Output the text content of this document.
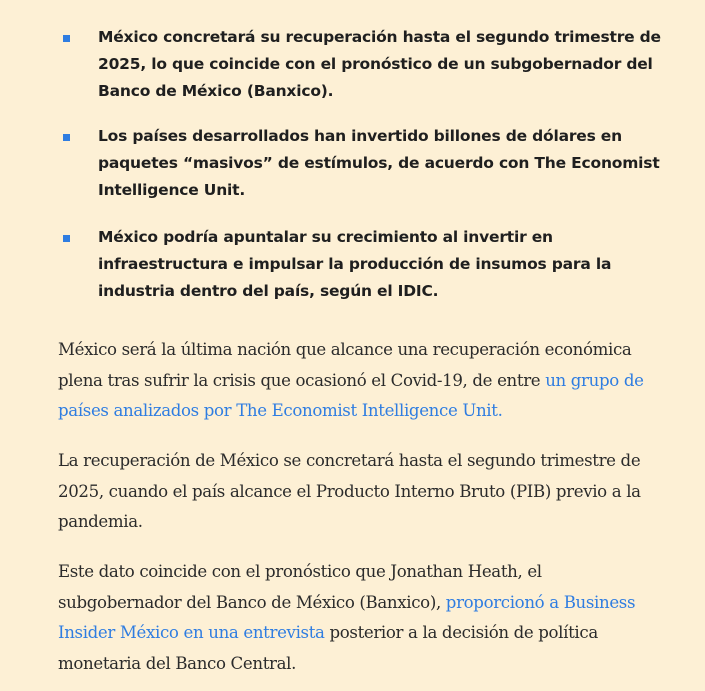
México concretará su recuperación hasta el segundo trimestre de 2025, lo que coincide con el pronóstico de un subgobernador del Banco de México (Banxico).
Los países desarrollados han invertido billones de dólares en paquetes “masivos” de estímulos, de acuerdo con The Economist Intelligence Unit.
México podría apuntalar su crecimiento al invertir en infraestructura e impulsar la producción de insumos para la industria dentro del país, según el IDIC.

México será la última nación que alcance una recuperación económica plena tras sufrir la crisis que ocasionó el Covid-19, de entre un grupo de países analizados por The Economist Intelligence Unit.

La recuperación de México se concretará hasta el segundo trimestre de 2025, cuando el país alcance el Producto Interno Bruto (PIB) previo a la pandemia.

Este dato coincide con el pronóstico que Jonathan Heath, el subgobernador del Banco de México (Banxico), proporcionó a Business Insider México en una entrevista posterior a la decisión de política monetaria del Banco Central.
